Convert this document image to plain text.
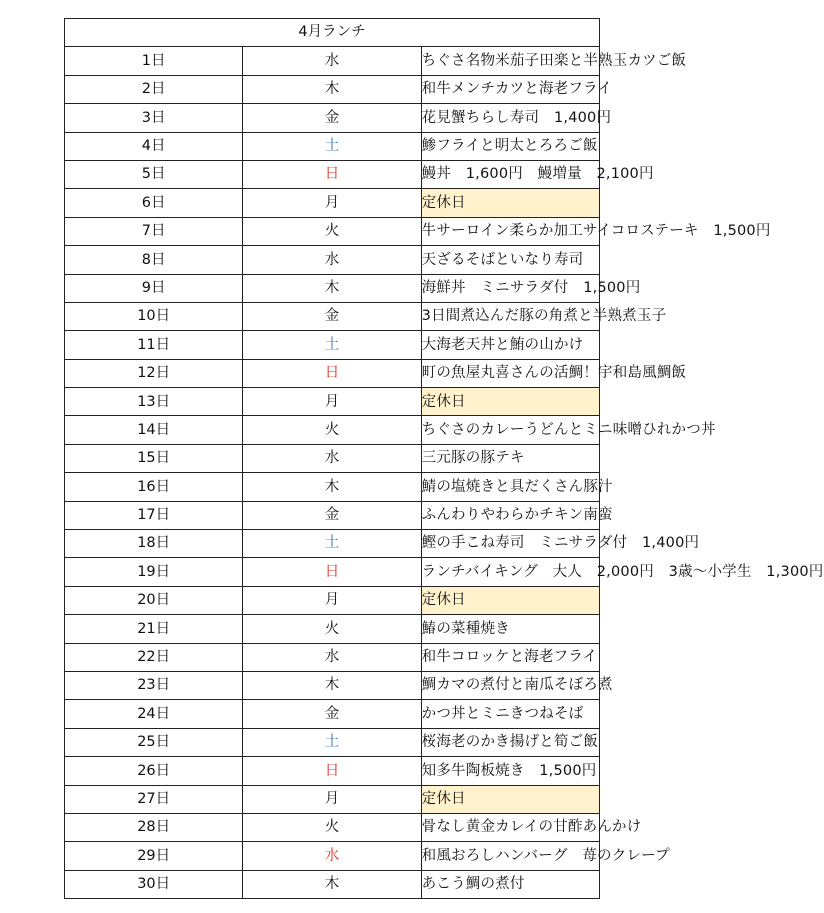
4月ランチ		
1日	水	ちぐさ名物米茄子田楽と半熟玉カツご飯
2日	木	和牛メンチカツと海老フライ
3日	金	花見蟹ちらし寿司　1,400円
4日	土	鯵フライと明太とろろご飯
5日	日	鰻丼　1,600円　鰻増量　2,100円
6日	月	定休日
7日	火	牛サーロイン柔らか加工サイコロステーキ　1,500円
8日	水	天ざるそばといなり寿司
9日	木	海鮮丼　ミニサラダ付　1,500円
10日	金	3日間煮込んだ豚の角煮と半熟煮玉子
11日	土	大海老天丼と鮪の山かけ
12日	日	町の魚屋丸喜さんの活鯛！宇和島風鯛飯
13日	月	定休日
14日	火	ちぐさのカレーうどんとミニ味噌ひれかつ丼
15日	水	三元豚の豚テキ
16日	木	鯖の塩焼きと具だくさん豚汁
17日	金	ふんわりやわらかチキン南蛮
18日	土	鰹の手こね寿司　ミニサラダ付　1,400円
19日	日	ランチバイキング　大人　2,000円　3歳～小学生　1,300円
20日	月	定休日
21日	火	鰆の菜種焼き
22日	水	和牛コロッケと海老フライ
23日	木	鯛カマの煮付と南瓜そぼろ煮
24日	金	かつ丼とミニきつねそば
25日	土	桜海老のかき揚げと筍ご飯
26日	日	知多牛陶板焼き　1,500円
27日	月	定休日
28日	火	骨なし黄金カレイの甘酢あんかけ
29日	水	和風おろしハンバーグ　苺のクレープ
30日	木	あこう鯛の煮付
